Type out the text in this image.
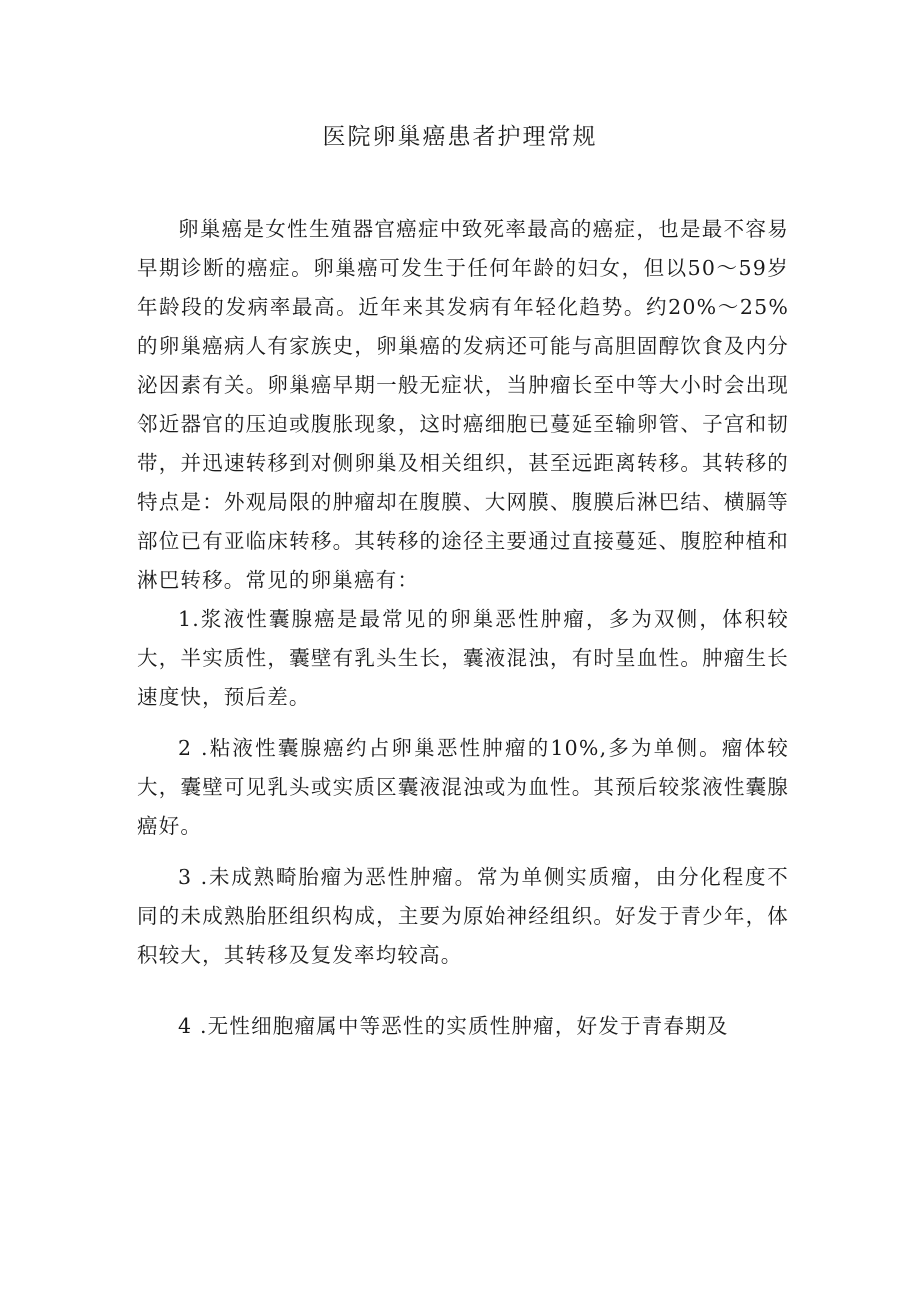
医院卵巢癌患者护理常规

卵巢癌是女性生殖器官癌症中致死率最高的癌症，也是最不容易早期诊断的癌症。卵巢癌可发生于任何年龄的妇女，但以50～59岁年龄段的发病率最高。近年来其发病有年轻化趋势。约20%～25%的卵巢癌病人有家族史，卵巢癌的发病还可能与高胆固醇饮食及内分泌因素有关。卵巢癌早期一般无症状，当肿瘤长至中等大小时会出现邻近器官的压迫或腹胀现象，这时癌细胞已蔓延至输卵管、子宫和韧带，并迅速转移到对侧卵巢及相关组织，甚至远距离转移。其转移的特点是：外观局限的肿瘤却在腹膜、大网膜、腹膜后淋巴结、横膈等部位已有亚临床转移。其转移的途径主要通过直接蔓延、腹腔种植和淋巴转移。常见的卵巢癌有：

1.浆液性囊腺癌是最常见的卵巢恶性肿瘤，多为双侧，体积较大，半实质性，囊壁有乳头生长，囊液混浊，有时呈血性。肿瘤生长速度快，预后差。

2 .粘液性囊腺癌约占卵巢恶性肿瘤的10%,多为单侧。瘤体较大，囊壁可见乳头或实质区囊液混浊或为血性。其预后较浆液性囊腺癌好。

3 .未成熟畸胎瘤为恶性肿瘤。常为单侧实质瘤，由分化程度不同的未成熟胎胚组织构成，主要为原始神经组织。好发于青少年，体积较大，其转移及复发率均较高。

4 .无性细胞瘤属中等恶性的实质性肿瘤，好发于青春期及
